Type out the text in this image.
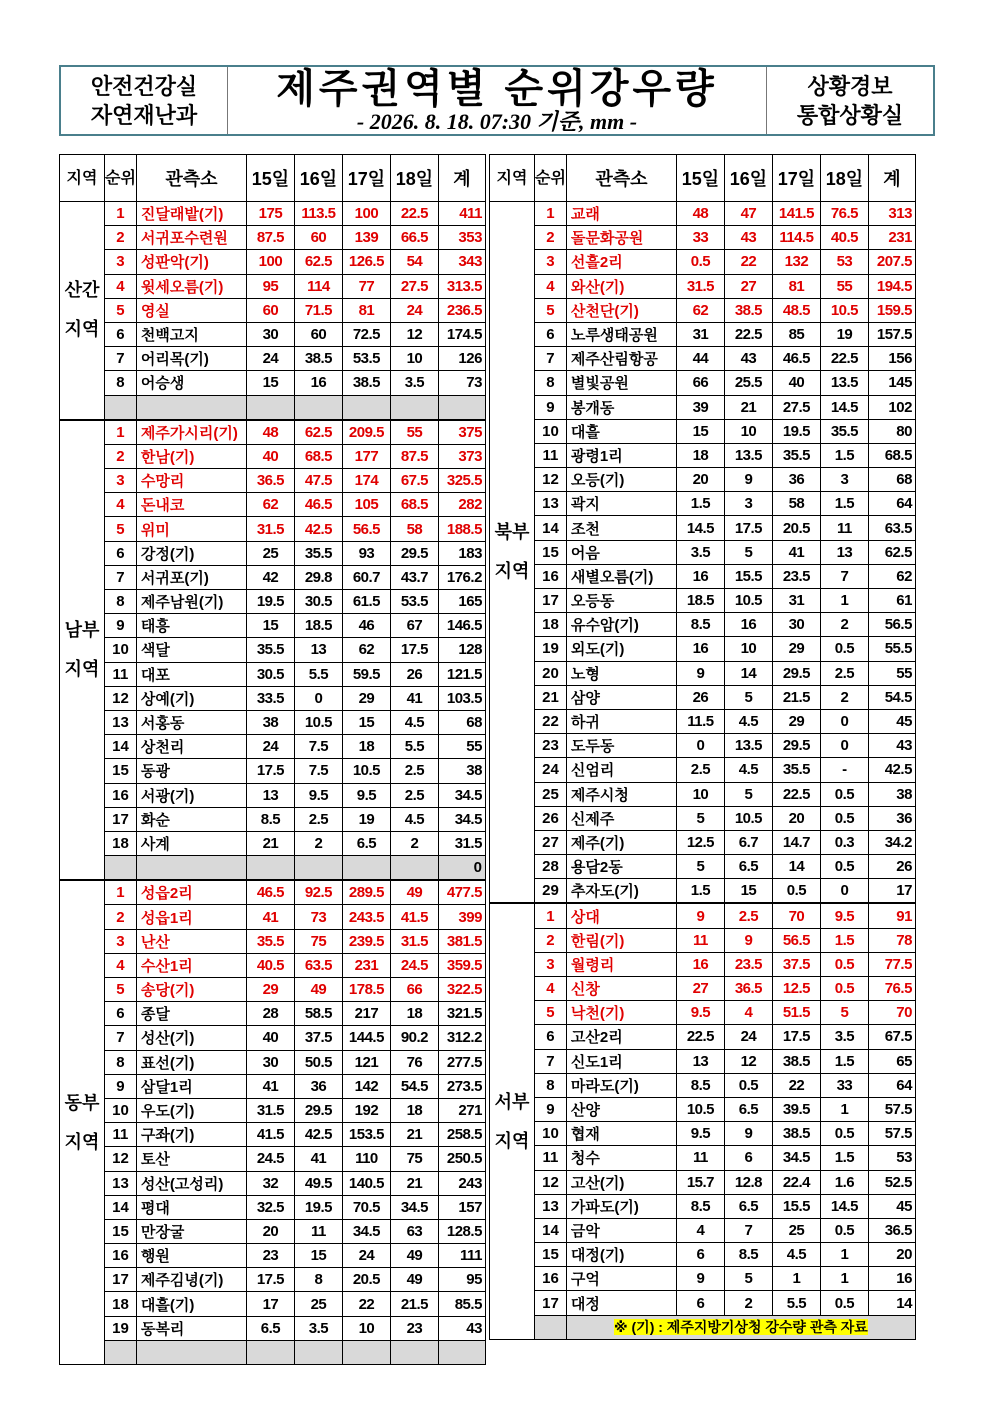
안전건강실
자연재난과
제주권역별 순위강우량
- 2026. 8. 18. 07:30 기준, mm -
상황경보
통합상황실
지역	순위	관측소	15일	16일	17일	18일	계
산간지역	1	진달래밭(기)	175	113.5	100	22.5	411
	2	서귀포수련원	87.5	60	139	66.5	353
	3	성판악(기)	100	62.5	126.5	54	343
	4	윗세오름(기)	95	114	77	27.5	313.5
	5	영실	60	71.5	81	24	236.5
	6	천백고지	30	60	72.5	12	174.5
	7	어리목(기)	24	38.5	53.5	10	126
	8	어승생	15	16	38.5	3.5	73

남부지역	1	제주가시리(기)	48	62.5	209.5	55	375
	2	한남(기)	40	68.5	177	87.5	373
	3	수망리	36.5	47.5	174	67.5	325.5
	4	돈내코	62	46.5	105	68.5	282
	5	위미	31.5	42.5	56.5	58	188.5
	6	강정(기)	25	35.5	93	29.5	183
	7	서귀포(기)	42	29.8	60.7	43.7	176.2
	8	제주남원(기)	19.5	30.5	61.5	53.5	165
	9	태흥	15	18.5	46	67	146.5
	10	색달	35.5	13	62	17.5	128
	11	대포	30.5	5.5	59.5	26	121.5
	12	상예(기)	33.5	0	29	41	103.5
	13	서홍동	38	10.5	15	4.5	68
	14	상천리	24	7.5	18	5.5	55
	15	동광	17.5	7.5	10.5	2.5	38
	16	서광(기)	13	9.5	9.5	2.5	34.5
	17	화순	8.5	2.5	19	4.5	34.5
	18	사계	21	2	6.5	2	31.5
							0
동부지역	1	성읍2리	46.5	92.5	289.5	49	477.5
	2	성읍1리	41	73	243.5	41.5	399
	3	난산	35.5	75	239.5	31.5	381.5
	4	수산1리	40.5	63.5	231	24.5	359.5
	5	송당(기)	29	49	178.5	66	322.5
	6	종달	28	58.5	217	18	321.5
	7	성산(기)	40	37.5	144.5	90.2	312.2
	8	표선(기)	30	50.5	121	76	277.5
	9	삼달1리	41	36	142	54.5	273.5
	10	우도(기)	31.5	29.5	192	18	271
	11	구좌(기)	41.5	42.5	153.5	21	258.5
	12	토산	24.5	41	110	75	250.5
	13	성산(고성리)	32	49.5	140.5	21	243
	14	평대	32.5	19.5	70.5	34.5	157
	15	만장굴	20	11	34.5	63	128.5
	16	행원	23	15	24	49	111
	17	제주김녕(기)	17.5	8	20.5	49	95
	18	대흘(기)	17	25	22	21.5	85.5
	19	동복리	6.5	3.5	10	23	43

지역	순위	관측소	15일	16일	17일	18일	계
북부지역	1	교래	48	47	141.5	76.5	313
	2	돌문화공원	33	43	114.5	40.5	231
	3	선흘2리	0.5	22	132	53	207.5
	4	와산(기)	31.5	27	81	55	194.5
	5	산천단(기)	62	38.5	48.5	10.5	159.5
	6	노루생태공원	31	22.5	85	19	157.5
	7	제주산림항공	44	43	46.5	22.5	156
	8	별빛공원	66	25.5	40	13.5	145
	9	봉개동	39	21	27.5	14.5	102
	10	대흘	15	10	19.5	35.5	80
	11	광령1리	18	13.5	35.5	1.5	68.5
	12	오등(기)	20	9	36	3	68
	13	곽지	1.5	3	58	1.5	64
	14	조천	14.5	17.5	20.5	11	63.5
	15	어음	3.5	5	41	13	62.5
	16	새별오름(기)	16	15.5	23.5	7	62
	17	오등동	18.5	10.5	31	1	61
	18	유수암(기)	8.5	16	30	2	56.5
	19	외도(기)	16	10	29	0.5	55.5
	20	노형	9	14	29.5	2.5	55
	21	삼양	26	5	21.5	2	54.5
	22	하귀	11.5	4.5	29	0	45
	23	도두동	0	13.5	29.5	0	43
	24	신엄리	2.5	4.5	35.5	-	42.5
	25	제주시청	10	5	22.5	0.5	38
	26	신제주	5	10.5	20	0.5	36
	27	제주(기)	12.5	6.7	14.7	0.3	34.2
	28	용담2동	5	6.5	14	0.5	26
	29	추자도(기)	1.5	15	0.5	0	17
서부지역	1	상대	9	2.5	70	9.5	91
	2	한림(기)	11	9	56.5	1.5	78
	3	월령리	16	23.5	37.5	0.5	77.5
	4	신창	27	36.5	12.5	0.5	76.5
	5	낙천(기)	9.5	4	51.5	5	70
	6	고산2리	22.5	24	17.5	3.5	67.5
	7	신도1리	13	12	38.5	1.5	65
	8	마라도(기)	8.5	0.5	22	33	64
	9	산양	10.5	6.5	39.5	1	57.5
	10	협재	9.5	9	38.5	0.5	57.5
	11	청수	11	6	34.5	1.5	53
	12	고산(기)	15.7	12.8	22.4	1.6	52.5
	13	가파도(기)	8.5	6.5	15.5	14.5	45
	14	금악	4	7	25	0.5	36.5
	15	대정(기)	6	8.5	4.5	1	20
	16	구억	9	5	1	1	16
	17	대정	6	2	5.5	0.5	14
		※ (기) : 제주지방기상청 강수량 관측 자료					
